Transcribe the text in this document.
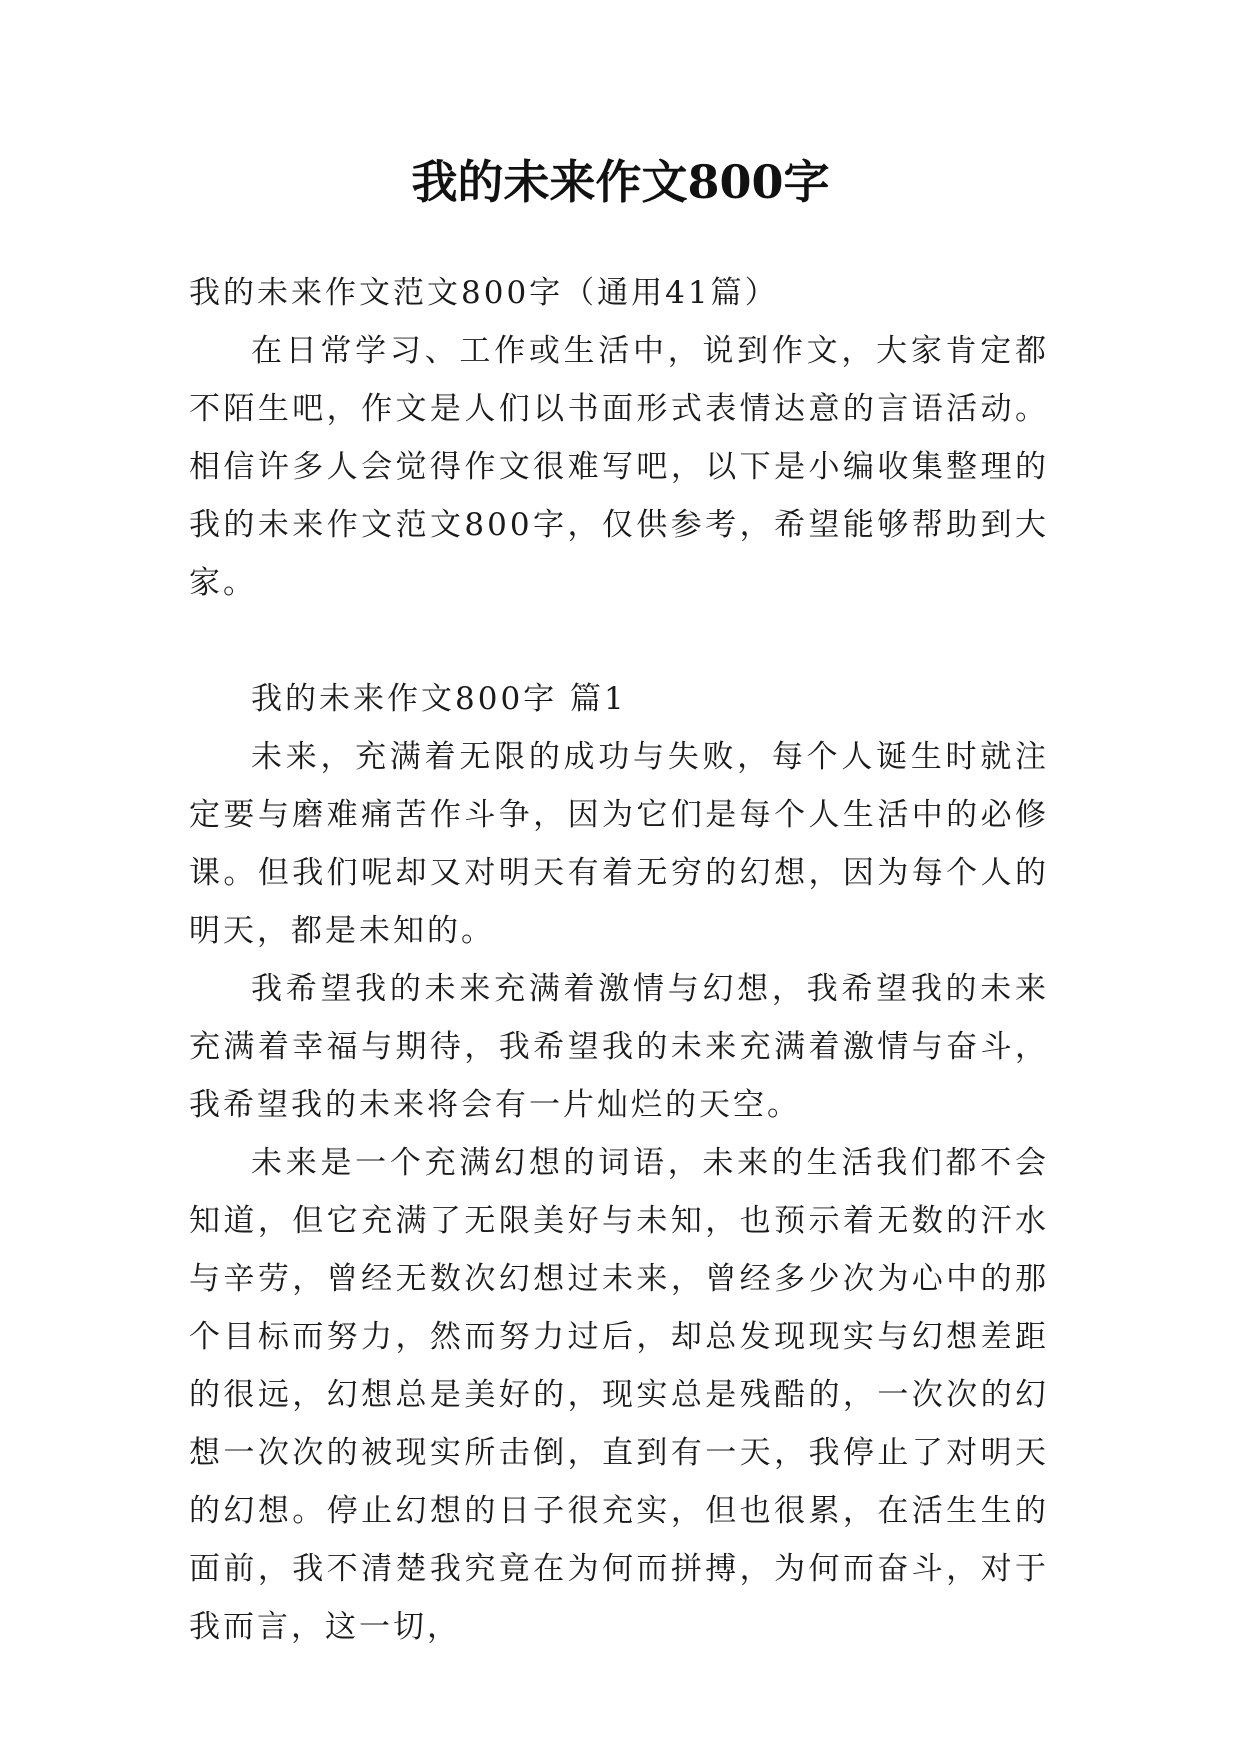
我的未来作文800字

我的未来作文范文800字（通用41篇）

在日常学习、工作或生活中，说到作文，大家肯定都不陌生吧，作文是人们以书面形式表情达意的言语活动。相信许多人会觉得作文很难写吧，以下是小编收集整理的我的未来作文范文800字，仅供参考，希望能够帮助到大家。

我的未来作文800字 篇1

未来，充满着无限的成功与失败，每个人诞生时就注定要与磨难痛苦作斗争，因为它们是每个人生活中的必修课。但我们呢却又对明天有着无穷的幻想，因为每个人的明天，都是未知的。

我希望我的未来充满着激情与幻想，我希望我的未来充满着幸福与期待，我希望我的未来充满着激情与奋斗，我希望我的未来将会有一片灿烂的天空。

未来是一个充满幻想的词语，未来的生活我们都不会知道，但它充满了无限美好与未知，也预示着无数的汗水与辛劳，曾经无数次幻想过未来，曾经多少次为心中的那个目标而努力，然而努力过后，却总发现现实与幻想差距的很远，幻想总是美好的，现实总是残酷的，一次次的幻想一次次的被现实所击倒，直到有一天，我停止了对明天的幻想。停止幻想的日子很充实，但也很累，在活生生的面前，我不清楚我究竟在为何而拼搏，为何而奋斗，对于我而言，这一切，
